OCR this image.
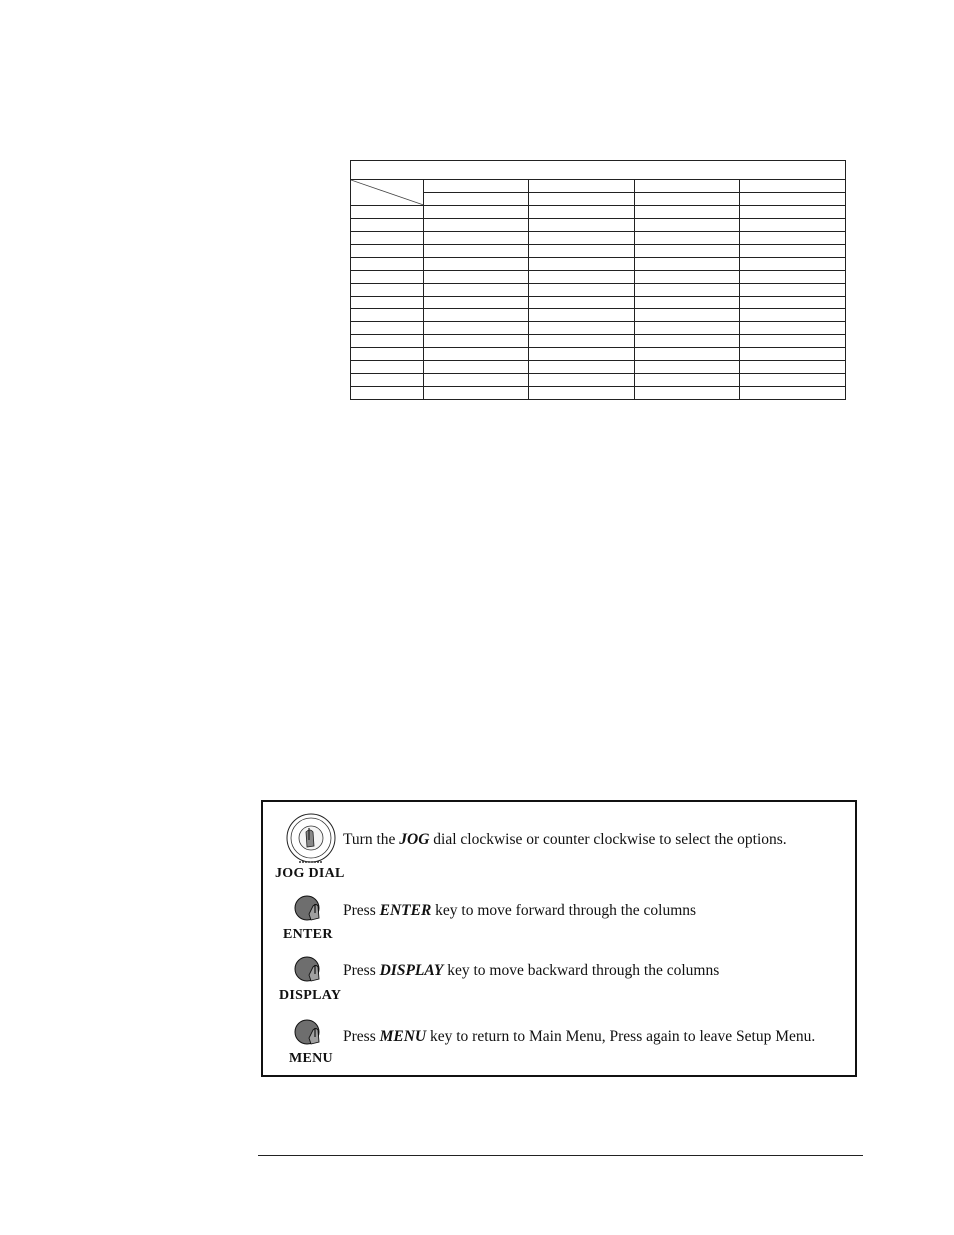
JOG DIAL
Turn the JOG dial clockwise or counter clockwise to select the options.
ENTER
Press ENTER key to move forward through the columns
DISPLAY
Press DISPLAY key to move backward through the columns
MENU
Press MENU key to return to Main Menu, Press again to leave Setup Menu.
